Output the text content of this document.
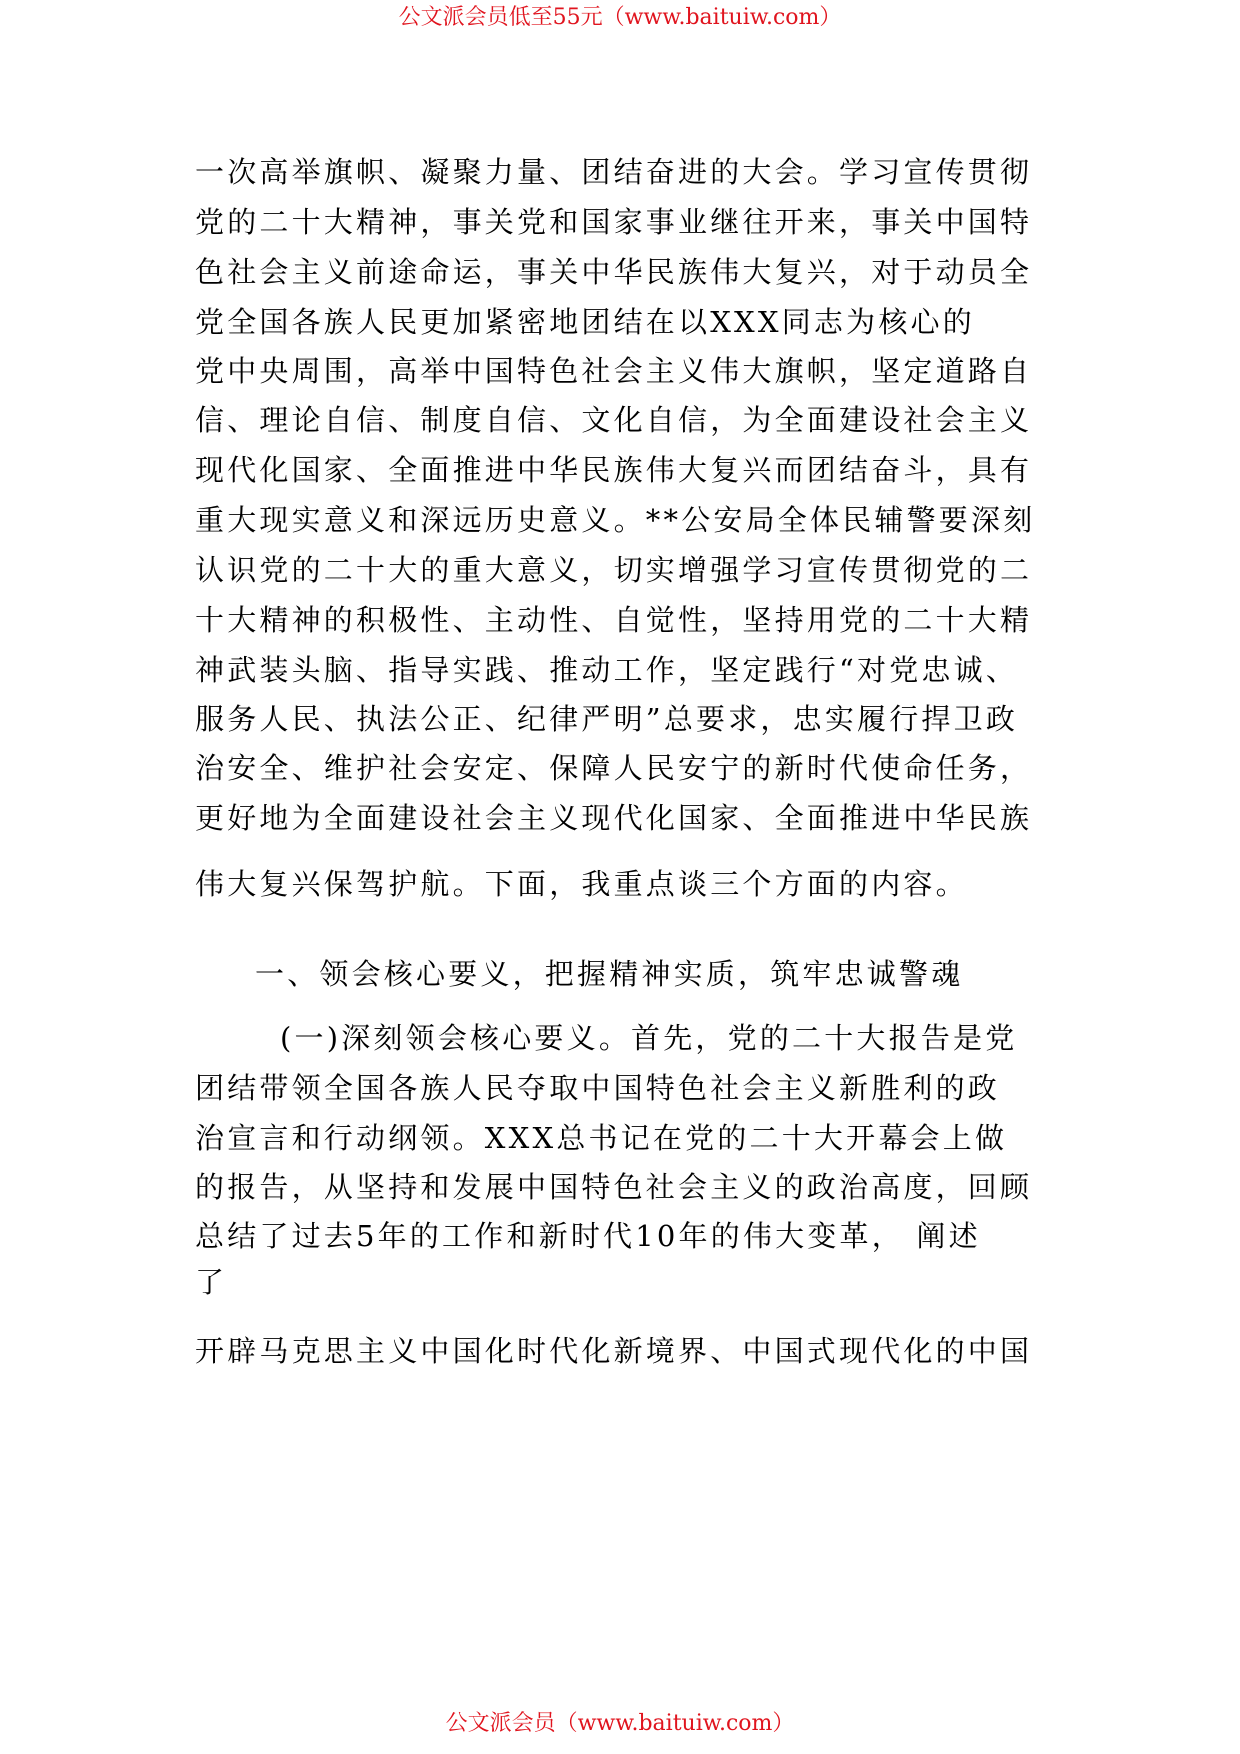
公文派会员低至55元（www.baituiw.com）
一次高举旗帜、凝聚力量、团结奋进的大会。学习宣传贯彻
党的二十大精神，事关党和国家事业继往开来，事关中国特
色社会主义前途命运，事关中华民族伟大复兴，对于动员全
党全国各族人民更加紧密地团结在以XXX同志为核心的
党中央周围，高举中国特色社会主义伟大旗帜，坚定道路自
信、理论自信、制度自信、文化自信，为全面建设社会主义
现代化国家、全面推进中华民族伟大复兴而团结奋斗，具有
重大现实意义和深远历史意义。**公安局全体民辅警要深刻
认识党的二十大的重大意义，切实增强学习宣传贯彻党的二
十大精神的积极性、主动性、自觉性，坚持用党的二十大精
神武装头脑、指导实践、推动工作，坚定践行“对党忠诚、
服务人民、执法公正、纪律严明”总要求，忠实履行捍卫政
治安全、维护社会安定、保障人民安宁的新时代使命任务，
更好地为全面建设社会主义现代化国家、全面推进中华民族
伟大复兴保驾护航。下面，我重点谈三个方面的内容。
一、领会核心要义，把握精神实质，筑牢忠诚警魂
(一)深刻领会核心要义。首先，党的二十大报告是党
团结带领全国各族人民夺取中国特色社会主义新胜利的政
治宣言和行动纲领。XXX总书记在党的二十大开幕会上做
的报告，从坚持和发展中国特色社会主义的政治高度，回顾
总结了过去5年的工作和新时代10年的伟大变革， 阐述
了
开辟马克思主义中国化时代化新境界、中国式现代化的中国
公文派会员（www.baituiw.com）
